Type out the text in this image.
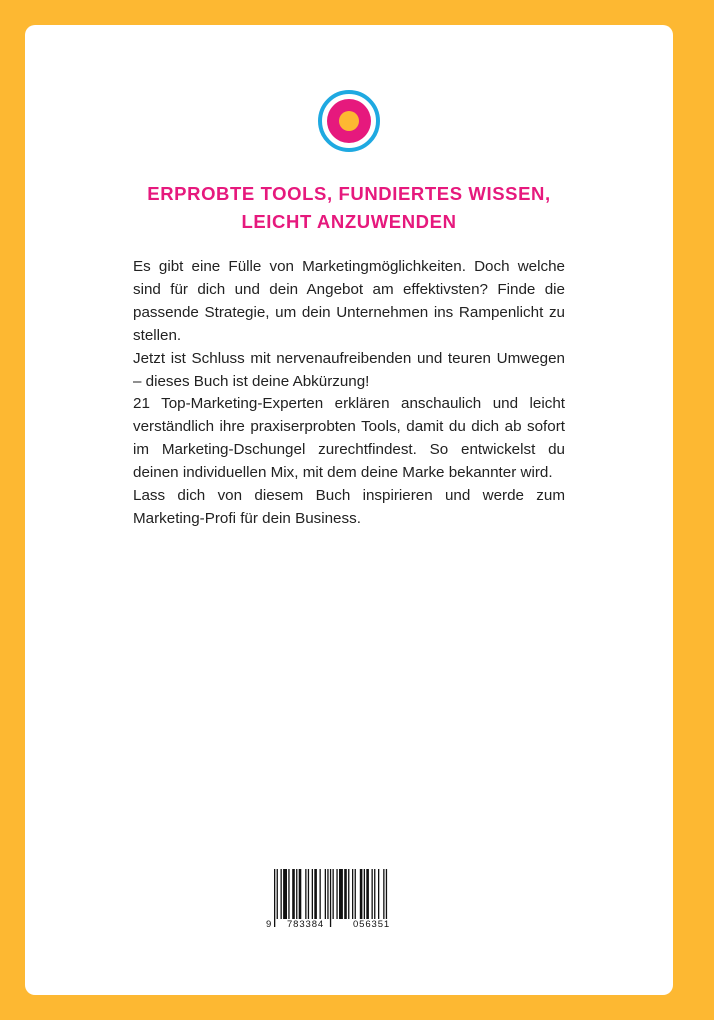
ERPROBTE TOOLS, FUNDIERTES WISSEN,
LEICHT ANZUWENDEN

Es gibt eine Fülle von Marketingmöglichkeiten. Doch welche sind für dich und dein Angebot am effektivsten? Finde die passende Strategie, um dein Unternehmen ins Rampenlicht zu stellen.

Jetzt ist Schluss mit nervenaufreibenden und teuren Umwegen – dieses Buch ist deine Abkürzung!

21 Top-Marketing-Experten erklären anschaulich und leicht verständlich ihre praxiserprobten Tools, damit du dich ab sofort im Marketing-Dschungel zurechtfindest. So entwickelst du deinen individuellen Mix, mit dem deine Marke bekannter wird.

Lass dich von diesem Buch inspirieren und werde zum Marketing-Profi für dein Business.

9 783384	056351
